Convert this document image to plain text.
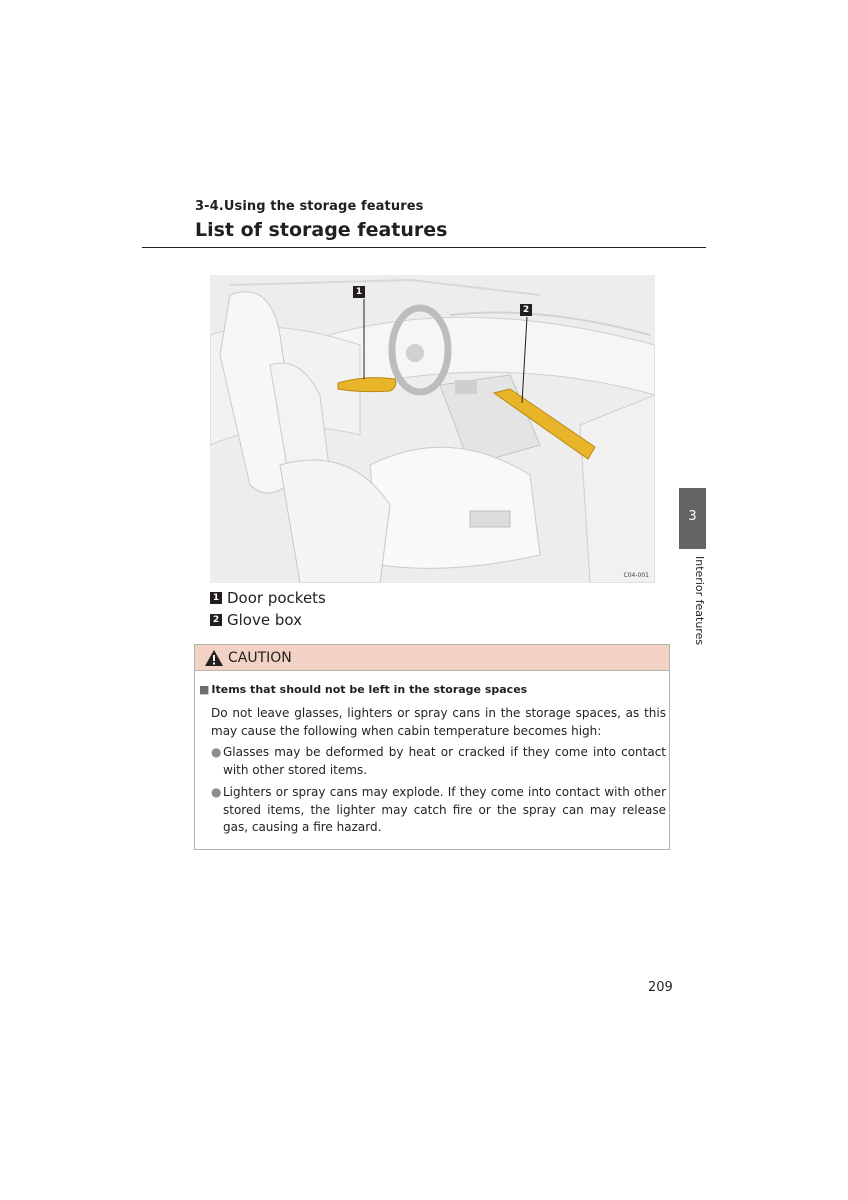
3-4.Using the storage features
List of storage features
1
2
C04-001
1 Door pockets
2 Glove box
3
Interior features
CAUTION
■ Items that should not be left in the storage spaces
Do not leave glasses, lighters or spray cans in the storage spaces, as this may cause the following when cabin temperature becomes high:
● Glasses may be deformed by heat or cracked if they come into contact with other stored items.
● Lighters or spray cans may explode. If they come into contact with other stored items, the lighter may catch fire or the spray can may release gas, causing a fire hazard.
209
